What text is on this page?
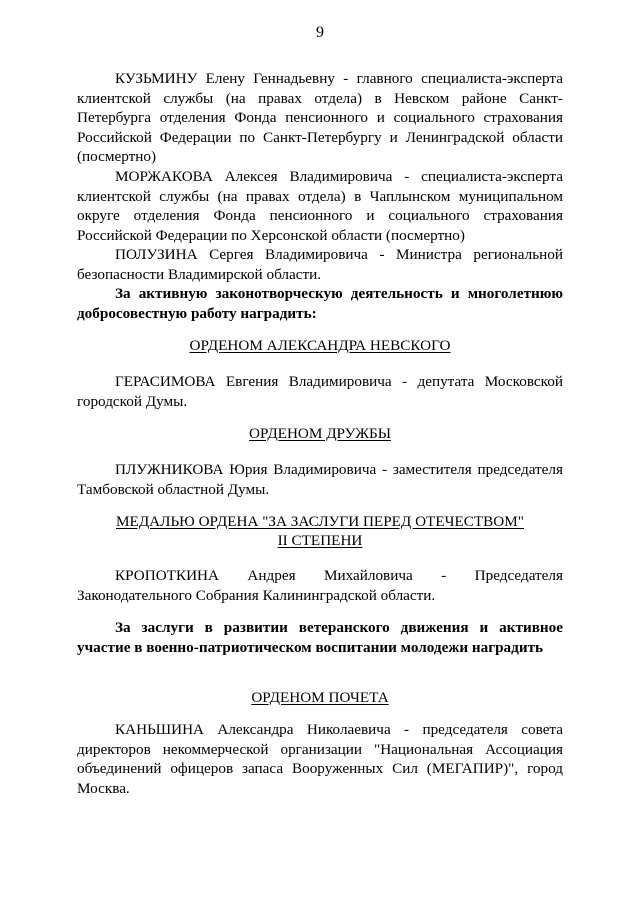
9

КУЗЬМИНУ Елену Геннадьевну - главного специалиста-эксперта клиентской службы (на правах отдела) в Невском районе Санкт-Петербурга отделения Фонда пенсионного и социального страхования Российской Федерации по Санкт-Петербургу и Ленинградской области (посмертно)

МОРЖАКОВА Алексея Владимировича - специалиста-эксперта клиентской службы (на правах отдела) в Чаплынском муниципальном округе отделения Фонда пенсионного и социального страхования Российской Федерации по Херсонской области (посмертно)

ПОЛУЗИНА Сергея Владимировича - Министра региональной безопасности Владимирской области.

За активную законотворческую деятельность и многолетнюю добросовестную работу наградить:

ОРДЕНОМ АЛЕКСАНДРА НЕВСКОГО

ГЕРАСИМОВА Евгения Владимировича - депутата Московской городской Думы.

ОРДЕНОМ ДРУЖБЫ

ПЛУЖНИКОВА Юрия Владимировича - заместителя председателя Тамбовской областной Думы.

МЕДАЛЬЮ ОРДЕНА "ЗА ЗАСЛУГИ ПЕРЕД ОТЕЧЕСТВОМ"
II СТЕПЕНИ

КРОПОТКИНА Андрея Михайловича - Председателя Законодательного Собрания Калининградской области.

За заслуги в развитии ветеранского движения и активное участие в военно-патриотическом воспитании молодежи наградить

ОРДЕНОМ ПОЧЕТА

КАНЬШИНА Александра Николаевича - председателя совета директоров некоммерческой организации "Национальная Ассоциация объединений офицеров запаса Вооруженных Сил (МЕГАПИР)", город Москва.
